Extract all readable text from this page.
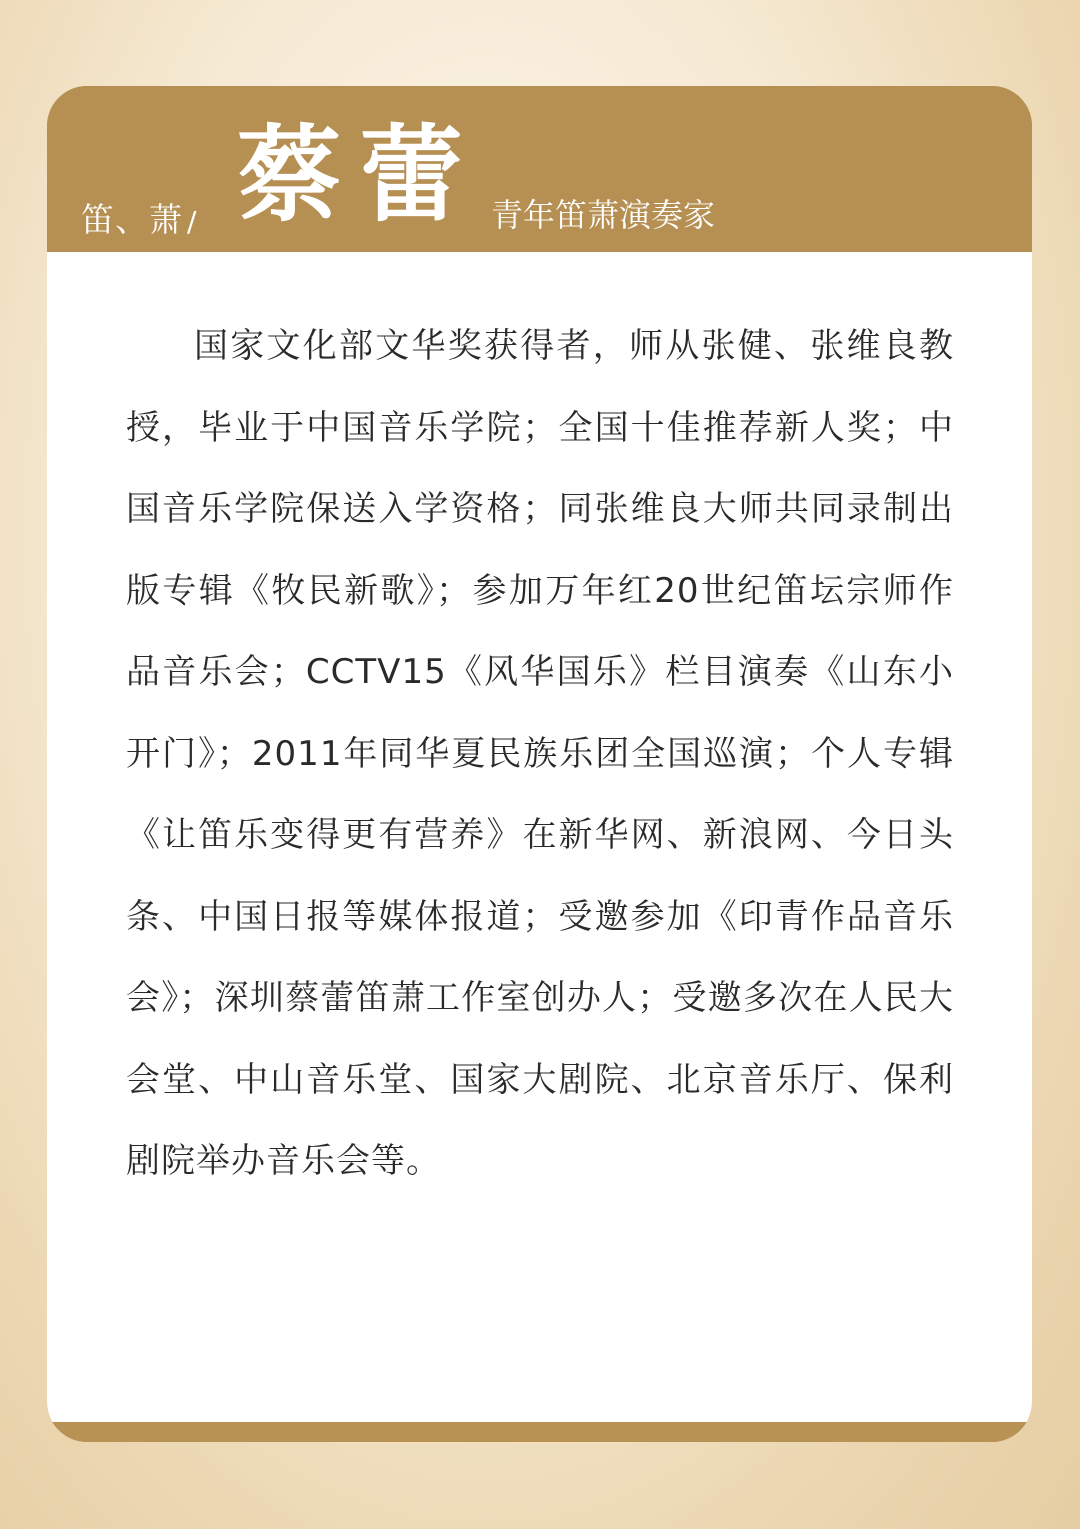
笛、萧 / 蔡蕾 青年笛萧演奏家

国家文化部文华奖获得者，师从张健、张维良教授，毕业于中国音乐学院；全国十佳推荐新人奖；中国音乐学院保送入学资格；同张维良大师共同录制出版专辑《牧民新歌》；参加万年红20世纪笛坛宗师作品音乐会；CCTV15《风华国乐》栏目演奏《山东小开门》；2011年同华夏民族乐团全国巡演；个人专辑《让笛乐变得更有营养》在新华网、新浪网、今日头条、中国日报等媒体报道；受邀参加《印青作品音乐会》；深圳蔡蕾笛萧工作室创办人；受邀多次在人民大会堂、中山音乐堂、国家大剧院、北京音乐厅、保利剧院举办音乐会等。
